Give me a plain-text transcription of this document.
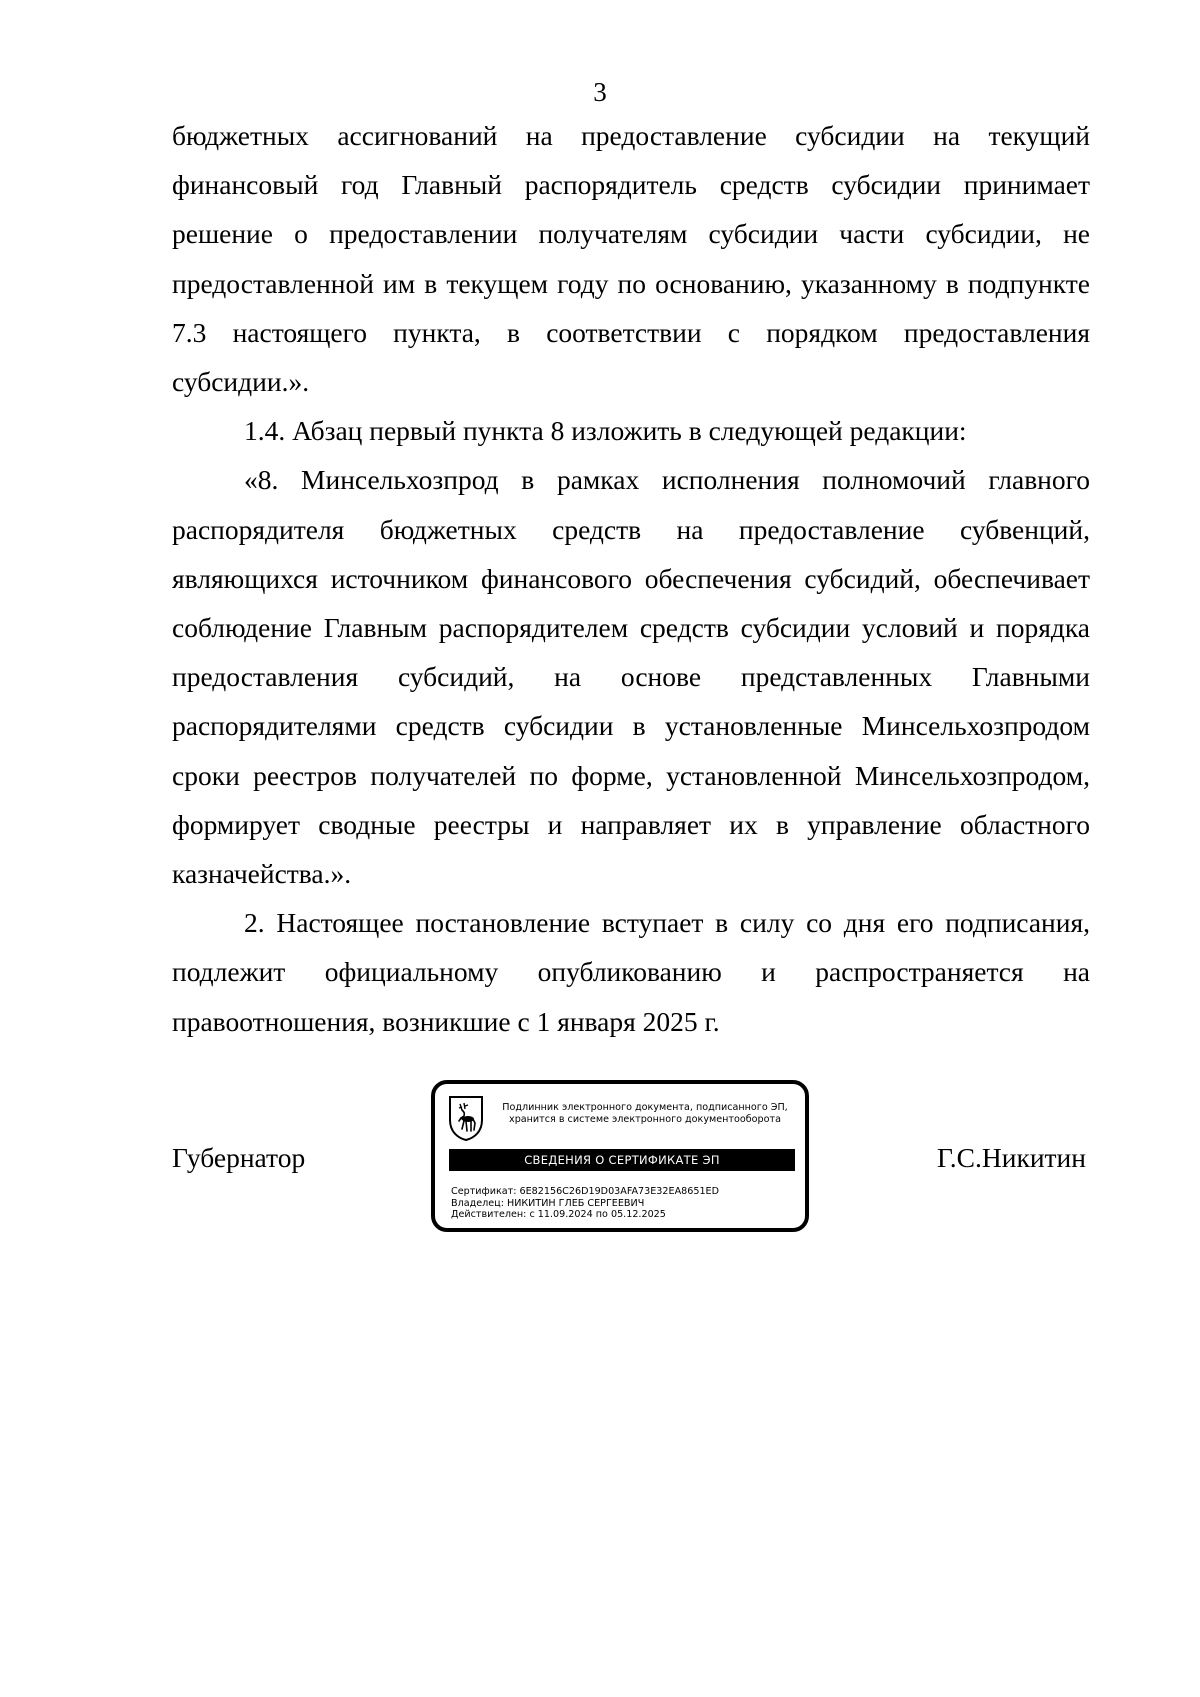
3

бюджетных ассигнований на предоставление субсидии на текущий финансовый год Главный распорядитель средств субсидии принимает решение о предоставлении получателям субсидии части субсидии, не предоставленной им в текущем году по основанию, указанному в подпункте 7.3 настоящего пункта, в соответствии с порядком предоставления субсидии.».

1.4. Абзац первый пункта 8 изложить в следующей редакции:

«8. Минсельхозпрод в рамках исполнения полномочий главного распорядителя бюджетных средств на предоставление субвенций, являющихся источником финансового обеспечения субсидий, обеспечивает соблюдение Главным распорядителем средств субсидии условий и порядка предоставления субсидий, на основе представленных Главными распорядителями средств субсидии в установленные Минсельхозпродом сроки реестров получателей по форме, установленной Минсельхозпродом, формирует сводные реестры и направляет их в управление областного казначейства.».

2. Настоящее постановление вступает в силу со дня его подписания, подлежит официальному опубликованию и распространяется на правоотношения, возникшие с 1 января 2025 г.

Губернатор
Подлинник электронного документа, подписанного ЭП,
хранится в системе электронного документооборота
СВЕДЕНИЯ О СЕРТИФИКАТЕ ЭП
Сертификат: 6E82156C26D19D03AFA73E32EA8651ED
Владелец: НИКИТИН ГЛЕБ СЕРГЕЕВИЧ
Действителен: с 11.09.2024 по 05.12.2025
Г.С.Никитин
